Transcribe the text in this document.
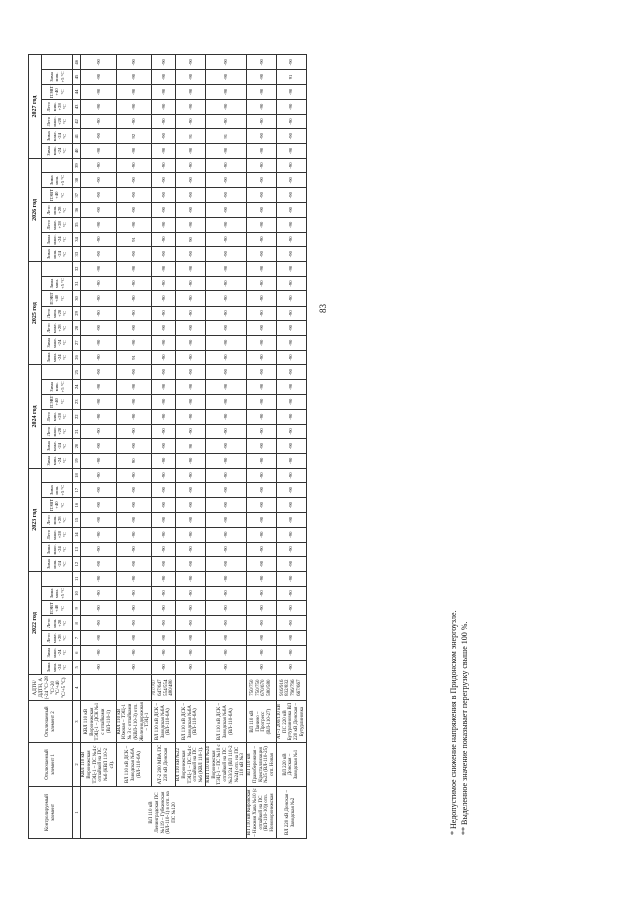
Контролируемый элемент	Отключаемый элемент 1	Отключаемый элемент 2	АДТН/ДДТН, А (-24 °С/-28 °С/-20 °С/+40 °С/+5 °С)	2022 год							2023 год							2024 год							2025 год							2026 год							2027 год						
				Зима мин. -24 °С	Зима макс. -24 °С	Лето макс. +28 °С	Лето мин. +28 °С	ПЭВТ +40 °С	Зима мин. +5 °С		Зима мин. -24 °С	Зима макс. -24 °С	Лето макс. +28 °С	Лето мин. +28 °С	ПЭВТ +40 °С	Зима мин. +5 °С		Зима мин. -24 °С	Зима макс. -24 °С	Лето макс. +28 °С	Лето мин. +28 °С	ПЭВТ +40 °С	Зима мин. +5 °С		Зима мин. -24 °С	Зима макс. -24 °С	Лето макс. +28 °С	Лето мин. +28 °С	ПЭВТ +40 °С	Зима мин. +5 °С		Зима мин. -24 °С	Зима макс. -24 °С	Лето макс. +28 °С	Лето мин. +28 °С	ПЭВТ +40 °С	Зима мин. +5 °С		Зима мин. -24 °С	Зима макс. -24 °С	Лето макс. +28 °С	Лето мин. +28 °С	ПЭВТ +40 °С	Зима мин. +5 °С	
1	2	3	4	5	6	7	8	9	10	11	12	13	14	15	16	17	18	19	20	21	22	23	24	25	26	27	28	29	30	31	32	33	34	35	36	37	38	39	40	41	42	43	44	45	46
ВЛ 110 кВ Ленинградская ПС №119 – Губкинская (ВЛ-110-1) в отп. на ПС №120	КВЛ 110 кВ Воронежская ТЭЦ-1 – ПС №4 с отпайкой на ПС №6 (КВЛ 110-2 сЗ).	КВЛ 110 кВ Воронежская ТЭЦ-1 – ДСК №1 с отпайками (ВЛ-110-1)		-90	-90	-90	-90	-90	-90	-90	-90	-90	-90	-90	-90	-90	-90	-90	-90	-90	-90	-90	-90	-90	-90	-90	-90	-90	-90	-90	-90	-90	-90	-90	-90	-90	-90	-90	-90	-90	-90	-90	-90	-90	-90
	ВЛ 110 кВ ДСК – Заводская №6А (ВЛ-110-6А)	КВЛ 110 кВ Южная – ТЭЦ-1 № 3 с отпайками (КВЛ-110-3) отп. Железнодорожная – ТЭЦ-1		-90	-90	-90	-90	-90	-90	-90	-90	-90	-90	-90	-90	-90	-90	90	-90	-90	-90	-90	-90	-90	91	-90	-90	-90	-90	-90	-90	-90	91	-90	-90	-90	-90	-90	-90	92	-90	-90	-90	-90	-90
	АТ-2 200 МВА ПС 220 кВ Донская	ВЛ 110 кВ ДСК – Заводская №6А (ВЛ-110-6А)	707/707 647/647 554/554 480/480	-90	-90	-90	-90	-90	-90	-90	-90	-90	-90	-90	-90	-90	-90	-90	-90	-90	-90	-90	-90	-90	-90	-90	-90	-90	-90	-90	-90	-90	-90	-90	-90	-90	-90	-90	-90	-90	-90	-90	-90	-90	-90
	ВЛ 110 кВ №22 Воронежская ТЭЦ-1 – ПС №4 с отпайкой на ПС №6 (КВЛ 110-1).	ВЛ 110 кВ ДСК – Заводская №6А (ВЛ-110-6А)		-90	-90	-90	-90	-90	-90	-90	-90	-90	-90	-90	-90	-90	-90	-90	90	-90	-90	-90	-90	-90	-90	-90	-90	-90	-90	-90	-90	-90	90	-90	-90	-90	-90	-90	-90	91	-90	-90	-90	-90	-90
	КВЛ 110 кВ №24 Воронежская ТЭЦ-1 – ПС №10 с отпайкой на ПС №23/24 (ВЛ 110-2 №24) отп. на ПС 110 кВ №3	ВЛ 110 кВ ДСК – Заводская №6А (ВЛ-110-6А)		-90	-90	-90	-90	-90	-90	-90	-90	-90	-90	-90	-90	-90	-90	-90	-90	-90	-90	-90	-90	-90	-90	-90	-90	-90	-90	-90	-90	-90	-90	-90	-90	-90	-90	-90	-90	91	-90	-90	-90	-90	-90
ВЛ 110 кВ Кировская – Нижняя Хава №10 (с отпайкой на ПС (ВЛ-110-10)) отп. Нововоронежская	ВЛ 110 кВ Правобережная – Кристаллизация №25 (ВЛ-110-25) отп. Новая	ВЛ 110 кВ Панино – Прогресс (ВЛ-110-27)	750/750 750/750 670/670 580/580	-90	-90	-90	-90	-90	-90	-90	-90	-90	-90	-90	-90	-90	-90	-90	-90	-90	-90	-90	-90	-90	-90	-90	-90	-90	-90	-90	-90	-90	-90	-90	-90	-90	-90	-90	-90	-90	-90	-90	-90	-90	-90
ВЛ 220 кВ Донская – Заводская №2	ВЛ 220 кВ Донская – Заводская №1	АТ-1 200/110 кВ ПС 220 кВ Бутурлиновка ВЛ 220 кВ Донская – Бутурлиновка	916/916 832/832 796/796 667/667	-90	-90	-90	-90	-90	-90	-90	-90	-90	-90	-90	-90	-90	-90	-90	-90	-90	-90	-90	-90	-90	-90	-90	-90	-90	-90	-90	-90	-90	-90	-90	-90	-90	-90	-90	-90	-90	-90	-90	-90	91	-90
* Недопустимое снижение напряжения в Придонском энергоузле. ** Выделенное значение показывает перегрузку свыше 100 %.
83
